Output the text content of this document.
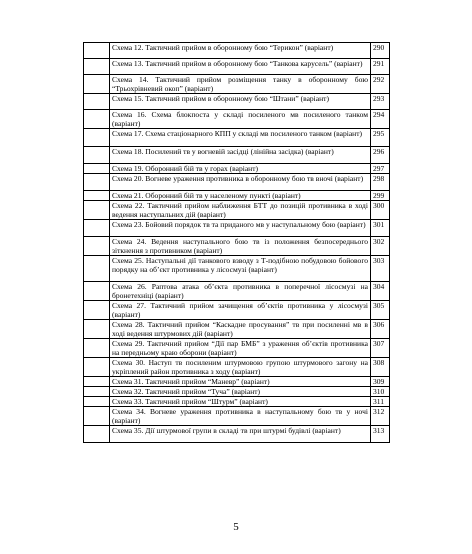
	Схема 12. Тактичний прийом в оборонному бою “Терикон” (варіант)	290
	Схема 13. Тактичний прийом в оборонному бою “Танкова карусель” (варіант)	291
	Схема 14. Тактичний прийом розміщення танку в оборонному бою “Трьохрівневий окоп” (варіант)	292
	Схема 15. Тактичний прийом в оборонному бою “Штани” (варіант)	293
	Схема 16. Схема блокпоста у складі посиленого мв посиленого танком (варіант)	294
	Схема 17. Схема стаціонарного КПП у складі мв посиленого танком (варіант)	295
	Схема 18. Посилений тв у вогневій засідці (лінійна засідка) (варіант)	296
	Схема 19. Оборонний бій тв у горах (варіант)	297
	Схема 20. Вогневе ураження противника в оборонному бою тв вночі (варіант)	298
	Схема 21. Оборонний бій тв у населеному пункті (варіант)	299
	Схема 22. Тактичний прийом наближення БТТ до позицій противника в ході ведення наступальних дій (варіант)	300
	Схема 23. Бойовий порядок тв та приданого мв у наступальному бою (варіант)	301
	Схема 24. Ведення наступального бою тв із положення безпосереднього зіткнення з противником (варіант)	302
	Схема 25. Наступальні дії танкового взводу з Т-подібною побудовою бойового порядку на об’єкт противника у лісосмузі (варіант)	303
	Схема 26. Раптова атака об’єкта противника в поперечної лісосмузі на бронетехніці (варіант)	304
	Схема 27. Тактичний прийом зачищення об’єктів противника у лісосмузі (варіант)	305
	Схема 28. Тактичний прийом “Каскадне просування” тв при посиленні мв в ході ведення штурмових дій (варіант)	306
	Схема 29. Тактичний прийом “Дії пар БМБ” з ураження об’єктів противника на передньому краю оборони (варіант)	307
	Схема 30. Наступ тв посиленим штурмовою групою штурмового загону на укріплений район противника з ходу (варіант)	308
	Схема 31. Тактичний прийом “Маневр” (варіант)	309
	Схема 32. Тактичний прийом “Туча” (варіант)	310
	Схема 33. Тактичний прийом “Штурм” (варіант)	311
	Схема 34. Вогневе ураження противника в наступальному бою тв у ночі (варіант)	312
	Схема 35. Дії штурмової групи в складі тв при штурмі будівлі (варіант)	313
5
